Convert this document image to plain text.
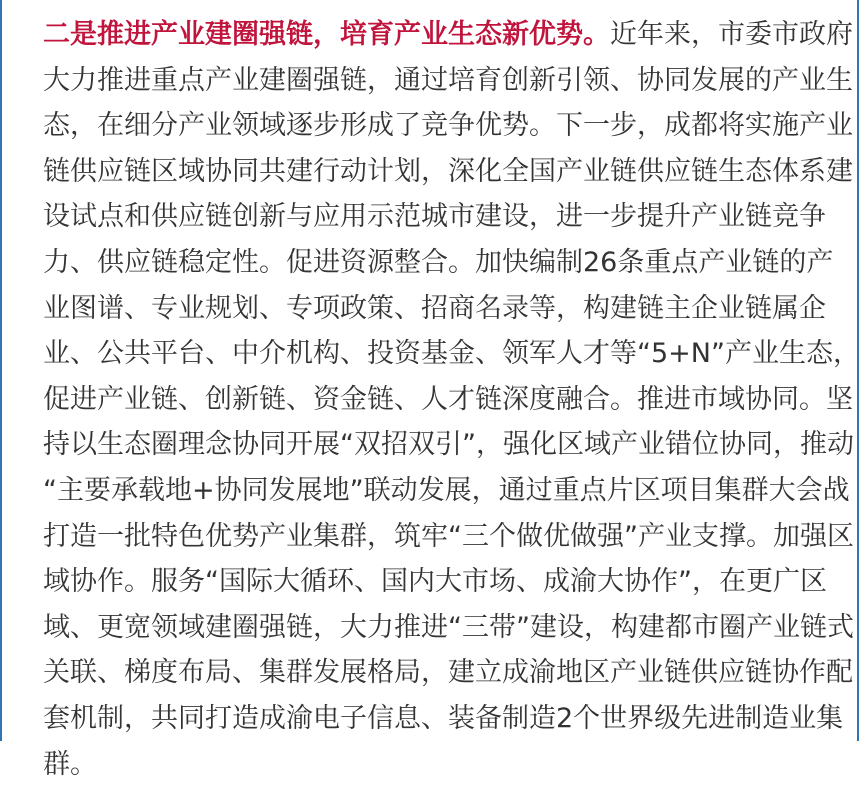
二是推进产业建圈强链，培育产业生态新优势。近年来，市委市政府
大力推进重点产业建圈强链，通过培育创新引领、协同发展的产业生
态，在细分产业领域逐步形成了竞争优势。下一步，成都将实施产业
链供应链区域协同共建行动计划，深化全国产业链供应链生态体系建
设试点和供应链创新与应用示范城市建设，进一步提升产业链竞争
力、供应链稳定性。促进资源整合。加快编制26条重点产业链的产
业图谱、专业规划、专项政策、招商名录等，构建链主企业链属企
业、公共平台、中介机构、投资基金、领军人才等“5+N”产业生态，
促进产业链、创新链、资金链、人才链深度融合。推进市域协同。坚
持以生态圈理念协同开展“双招双引”，强化区域产业错位协同，推动
“主要承载地+协同发展地”联动发展，通过重点片区项目集群大会战
打造一批特色优势产业集群，筑牢“三个做优做强”产业支撑。加强区
域协作。服务“国际大循环、国内大市场、成渝大协作”，在更广区
域、更宽领域建圈强链，大力推进“三带”建设，构建都市圈产业链式
关联、梯度布局、集群发展格局，建立成渝地区产业链供应链协作配
套机制，共同打造成渝电子信息、装备制造2个世界级先进制造业集
群。
